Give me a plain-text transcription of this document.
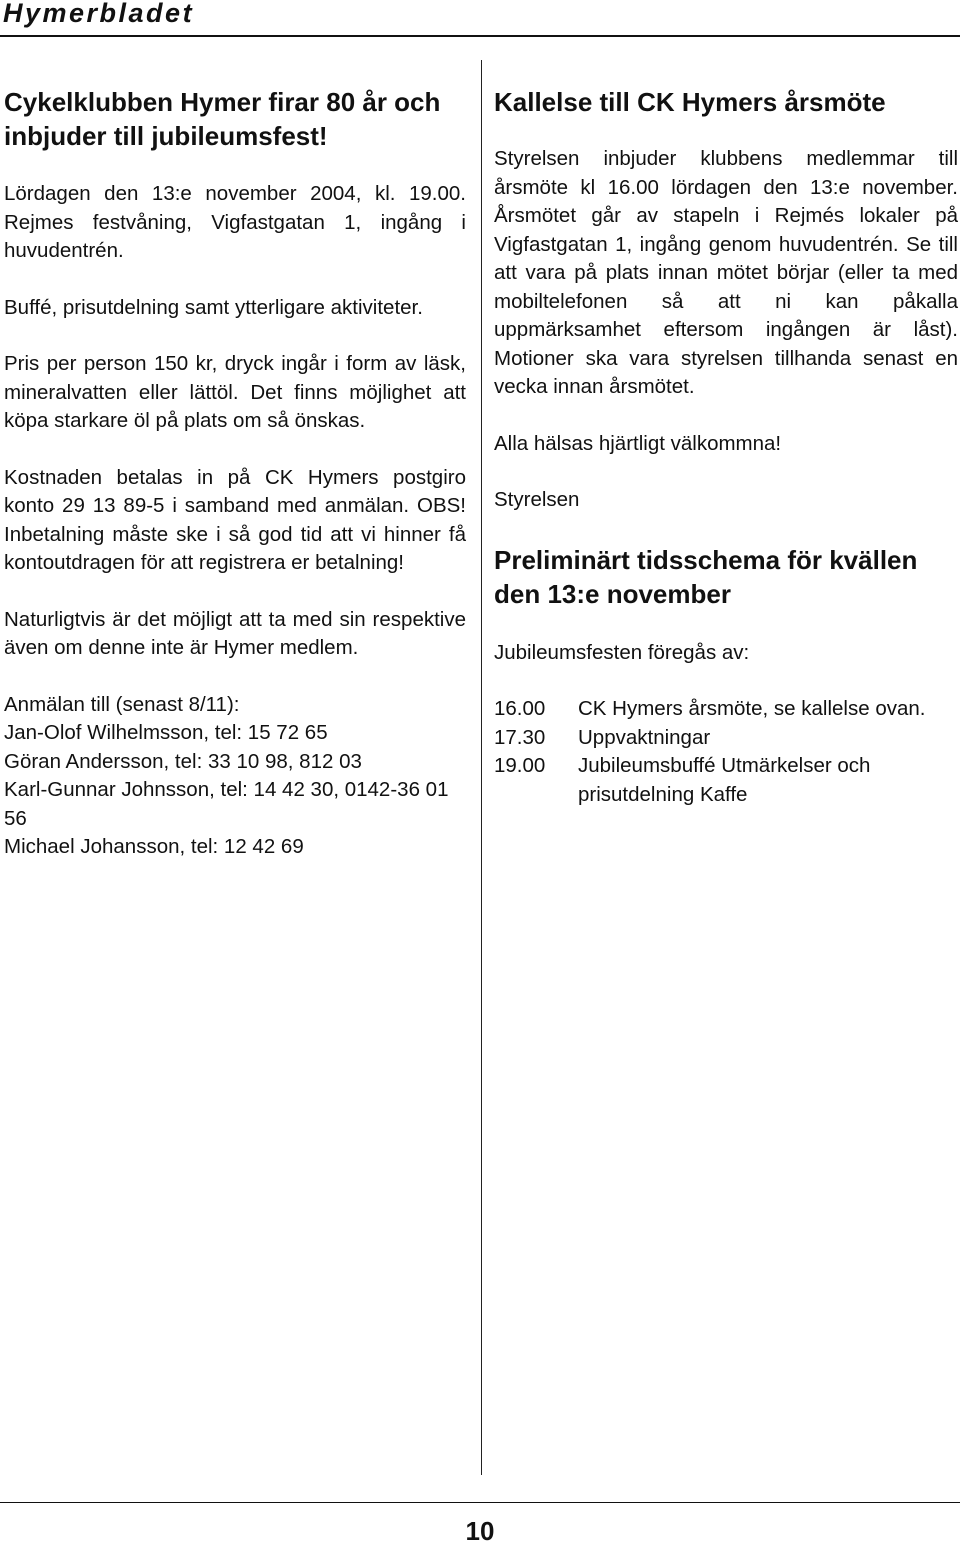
Hymerbladet
Cykelklubben Hymer firar 80 år och inbjuder till jubileumsfest!

Lördagen den 13:e november 2004, kl. 19.00. Rejmes festvåning, Vigfastgatan 1, ingång i huvudentrén.

Buffé, prisutdelning samt ytterligare aktiviteter.

Pris per person 150 kr, dryck ingår i form av läsk, mineralvatten eller lättöl. Det finns möjlighet att köpa starkare öl på plats om så önskas.

Kostnaden betalas in på CK Hymers postgiro konto 29 13 89-5 i samband med anmälan. OBS! Inbetalning måste ske i så god tid att vi hinner få kontoutdragen för att registrera er betalning!

Naturligtvis är det möjligt att ta med sin respektive även om denne inte är Hymer medlem.

Anmälan till (senast 8/11):
Jan-Olof Wilhelmsson, tel: 15 72 65
Göran Andersson, tel: 33 10 98, 812 03
Karl-Gunnar Johnsson, tel: 14 42 30, 0142-36 01 56
Michael Johansson, tel: 12 42 69

Kallelse till CK Hymers årsmöte

Styrelsen inbjuder klubbens medlemmar till årsmöte kl 16.00 lördagen den 13:e november. Årsmötet går av stapeln i Rejmés lokaler på Vigfastgatan 1, ingång genom huvudentrén. Se till att vara på plats innan mötet börjar (eller ta med mobiltelefonen så att ni kan påkalla uppmärksamhet eftersom ingången är låst). Motioner ska vara styrelsen tillhanda senast en vecka innan årsmötet.

Alla hälsas hjärtligt välkommna!

Styrelsen

Preliminärt tidsschema för kvällen den 13:e november

Jubileumsfesten föregås av:

16.00	CK Hymers årsmöte, se kallelse ovan.
17.30	Uppvaktningar
19.00	Jubileumsbuffé Utmärkelser och prisutdelning Kaffe
10
